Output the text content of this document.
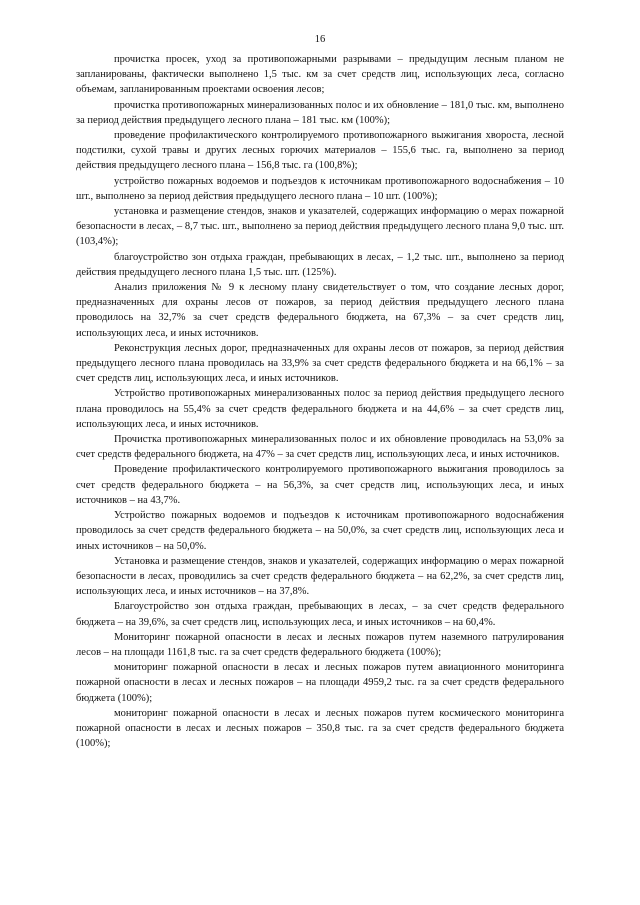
16

прочистка просек, уход за противопожарными разрывами – предыдущим лесным планом не запланированы, фактически выполнено 1,5 тыс. км за счет средств лиц, использующих леса, согласно объемам, запланированным проектами освоения лесов;

прочистка противопожарных минерализованных полос и их обновление – 181,0 тыс. км, выполнено за период действия предыдущего лесного плана – 181 тыс. км (100%);

проведение профилактического контролируемого противопожарного выжигания хвороста, лесной подстилки, сухой травы и других лесных горючих материалов – 155,6 тыс. га, выполнено за период действия предыдущего лесного плана – 156,8 тыс. га (100,8%);

устройство пожарных водоемов и подъездов к источникам противопожарного водоснабжения – 10 шт., выполнено за период действия предыдущего лесного плана – 10 шт. (100%);

установка и размещение стендов, знаков и указателей, содержащих информацию о мерах пожарной безопасности в лесах, – 8,7 тыс. шт., выполнено за период действия предыдущего лесного плана 9,0 тыс. шт. (103,4%);

благоустройство зон отдыха граждан, пребывающих в лесах, – 1,2 тыс. шт., выполнено за период действия предыдущего лесного плана 1,5 тыс. шт. (125%).

Анализ приложения № 9 к лесному плану свидетельствует о том, что создание лесных дорог, предназначенных для охраны лесов от пожаров, за период действия предыдущего лесного плана проводилось на 32,7% за счет средств федерального бюджета, на 67,3% – за счет средств лиц, использующих леса, и иных источников.

Реконструкция лесных дорог, предназначенных для охраны лесов от пожаров, за период действия предыдущего лесного плана проводилась на 33,9% за счет средств федерального бюджета и на 66,1% – за счет средств лиц, использующих леса, и иных источников.

Устройство противопожарных минерализованных полос за период действия предыдущего лесного плана проводилось на 55,4% за счет средств федерального бюджета и на 44,6% – за счет средств лиц, использующих леса, и иных источников.

Прочистка противопожарных минерализованных полос и их обновление проводилась на 53,0% за счет средств федерального бюджета, на 47% – за счет средств лиц, использующих леса, и иных источников.

Проведение профилактического контролируемого противопожарного выжигания проводилось за счет средств федерального бюджета – на 56,3%, за счет средств лиц, использующих леса, и иных источников – на 43,7%.

Устройство пожарных водоемов и подъездов к источникам противопожарного водоснабжения проводилось за счет средств федерального бюджета – на 50,0%, за счет средств лиц, использующих леса и иных источников – на 50,0%.

Установка и размещение стендов, знаков и указателей, содержащих информацию о мерах пожарной безопасности в лесах, проводились за счет средств федерального бюджета – на 62,2%, за счет средств лиц, использующих леса, и иных источников – на 37,8%.

Благоустройство зон отдыха граждан, пребывающих в лесах, – за счет средств федерального бюджета – на 39,6%, за счет средств лиц, использующих леса, и иных источников – на 60,4%.

Мониторинг пожарной опасности в лесах и лесных пожаров путем наземного патрулирования лесов – на площади 1161,8 тыс. га за счет средств федерального бюджета (100%);

мониторинг пожарной опасности в лесах и лесных пожаров путем авиационного мониторинга пожарной опасности в лесах и лесных пожаров – на площади 4959,2 тыс. га за счет средств федерального бюджета (100%);

мониторинг пожарной опасности в лесах и лесных пожаров путем космического мониторинга пожарной опасности в лесах и лесных пожаров – 350,8 тыс. га за счет средств федерального бюджета (100%);
